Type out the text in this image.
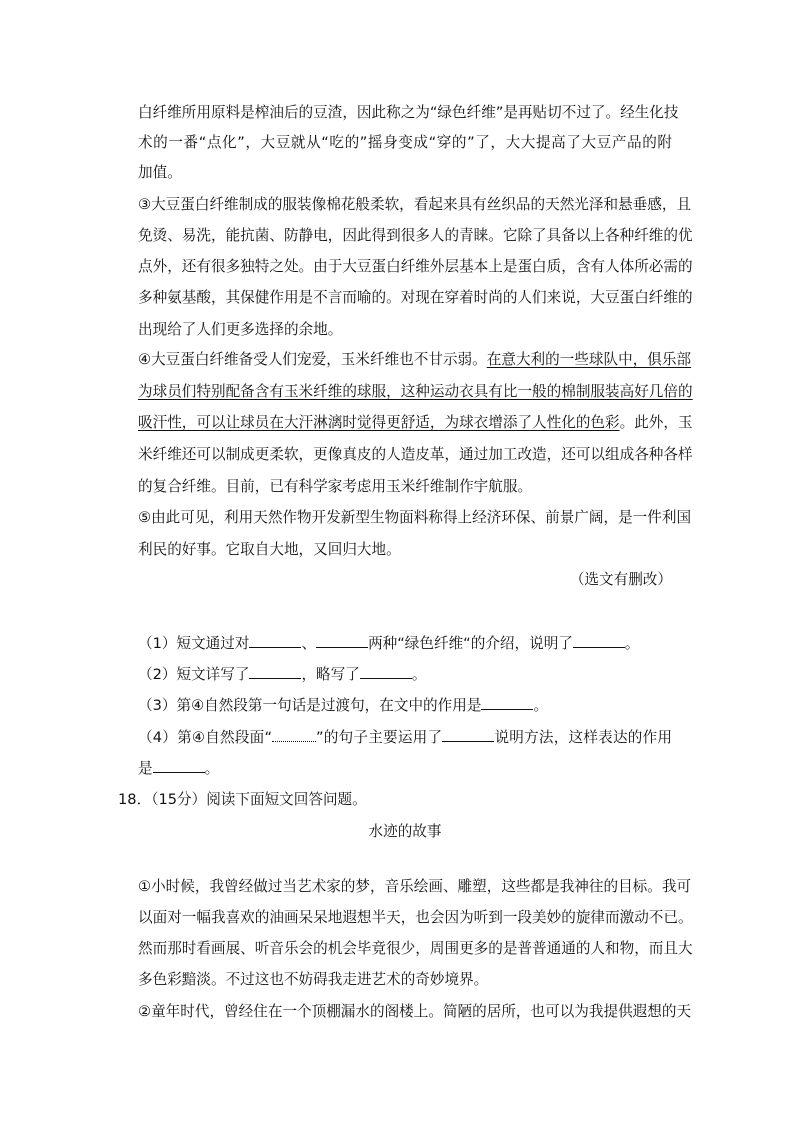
白纤维所用原料是榨油后的豆渣，因此称之为“绿色纤维”是再贴切不过了。经生化技
术的一番“点化”，大豆就从“吃的”摇身变成“穿的”了，大大提高了大豆产品的附
加值。
③大豆蛋白纤维制成的服装像棉花般柔软，看起来具有丝织品的天然光泽和悬垂感，且
免烫、易洗，能抗菌、防静电，因此得到很多人的青睐。它除了具备以上各种纤维的优
点外，还有很多独特之处。由于大豆蛋白纤维外层基本上是蛋白质，含有人体所必需的
多种氨基酸，其保健作用是不言而喻的。对现在穿着时尚的人们来说，大豆蛋白纤维的
出现给了人们更多选择的余地。
④大豆蛋白纤维备受人们宠爱，玉米纤维也不甘示弱。在意大利的一些球队中，俱乐部
为球员们特别配备含有玉米纤维的球服，这种运动衣具有比一般的棉制服装高好几倍的
吸汗性，可以让球员在大汗淋漓时觉得更舒适，为球衣增添了人性化的色彩。此外，玉
米纤维还可以制成更柔软，更像真皮的人造皮革，通过加工改造，还可以组成各种各样
的复合纤维。目前，已有科学家考虑用玉米纤维制作宇航服。
⑤由此可见，利用天然作物开发新型生物面料称得上经济环保、前景广阔，是一件利国
利民的好事。它取自大地，又回归大地。
（选文有删改）
（1）短文通过对	、	两种“绿色纤维“的介绍，说明了	。
（2）短文详写了	，略写了	。
（3）第④自然段第一句话是过渡句，在文中的作用是	。
（4）第④自然段面“	”的句子主要运用了	说明方法，这样表达的作用
是	。
18．（15分）阅读下面短文回答问题。
水迹的故事
①小时候，我曾经做过当艺术家的梦，音乐绘画、雕塑，这些都是我神往的目标。我可
以面对一幅我喜欢的油画呆呆地遐想半天，也会因为听到一段美妙的旋律而激动不已。
然而那时看画展、听音乐会的机会毕竟很少，周围更多的是普普通通的人和物，而且大
多色彩黯淡。不过这也不妨碍我走进艺术的奇妙境界。
②童年时代，曾经住在一个顶棚漏水的阁楼上。简陋的居所，也可以为我提供遐想的天
